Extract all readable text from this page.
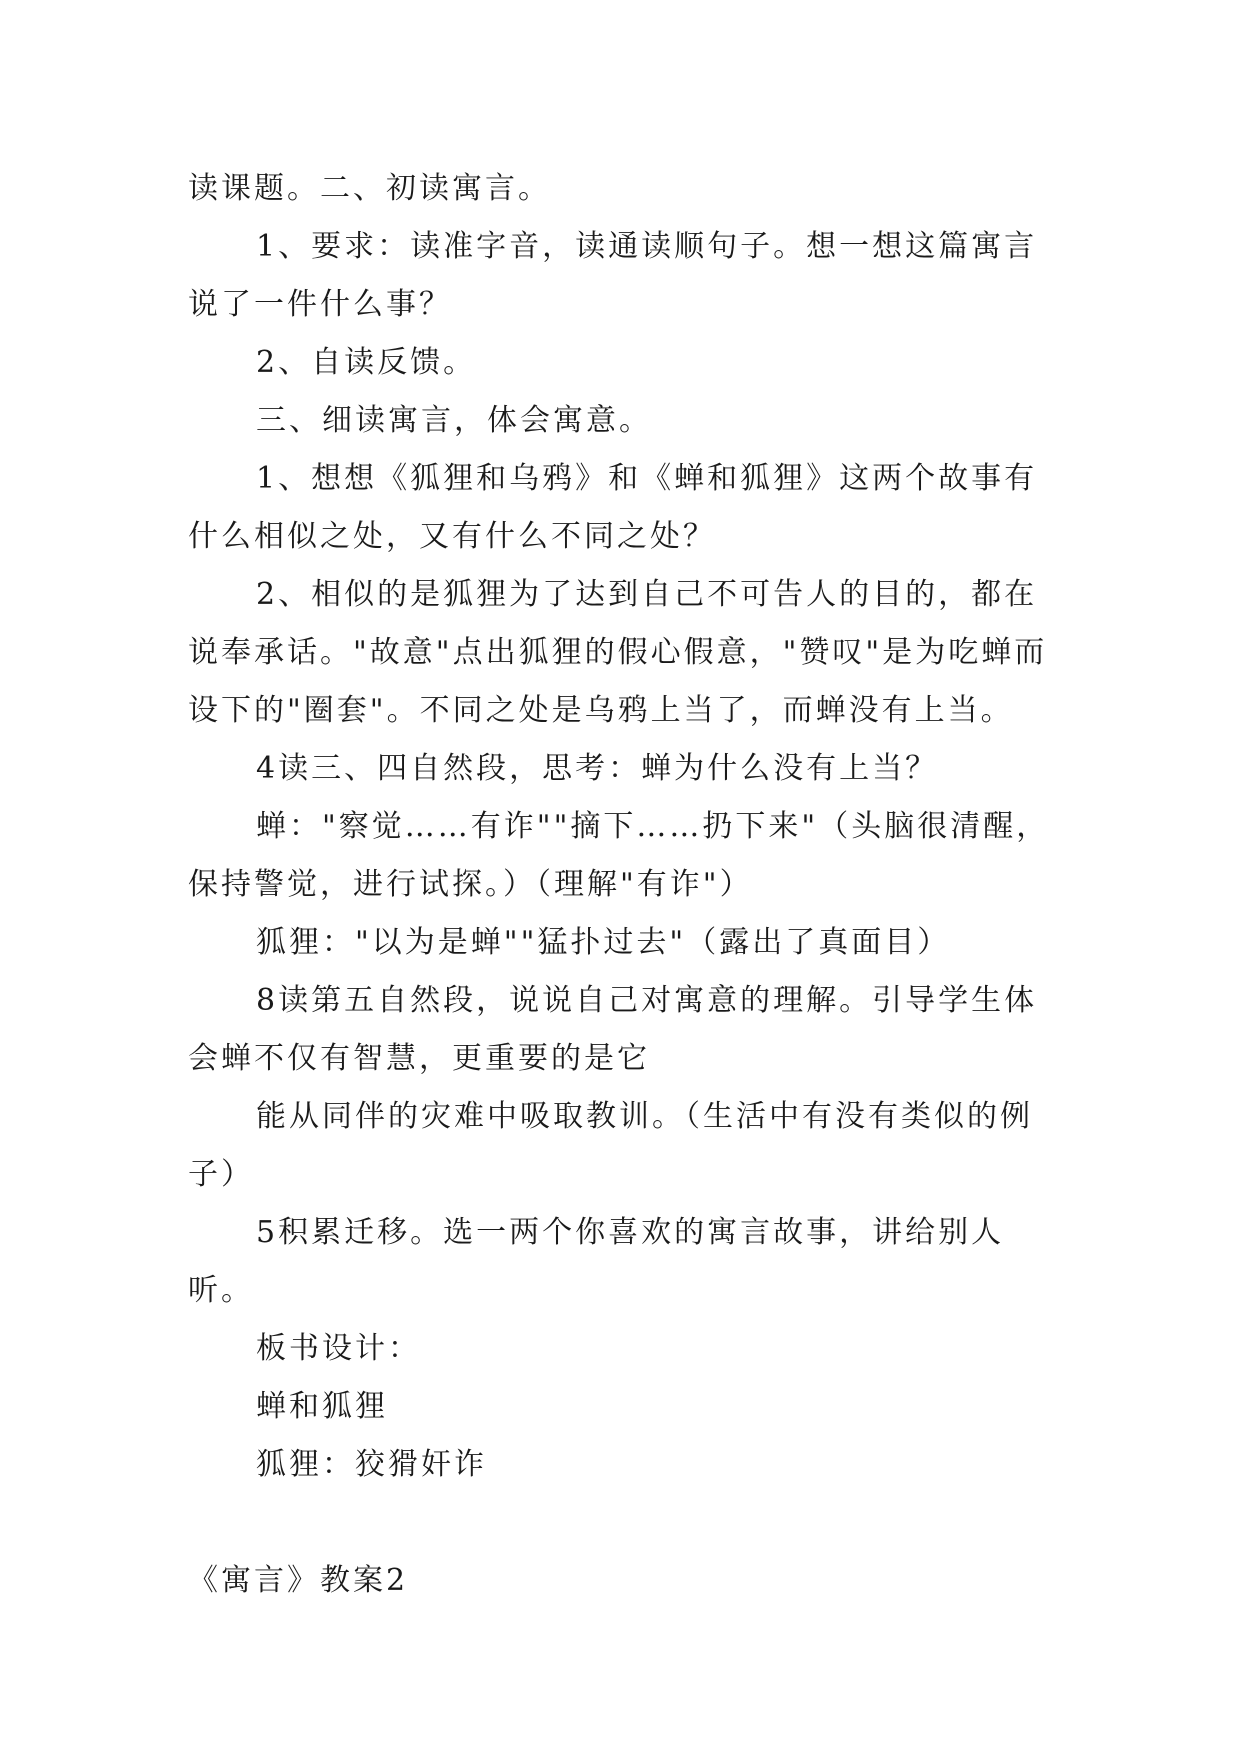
读课题。二、初读寓言。

1、要求：读准字音，读通读顺句子。想一想这篇寓言说了一件什么事？

2、自读反馈。

三、细读寓言，体会寓意。

1、想想《狐狸和乌鸦》和《蝉和狐狸》这两个故事有什么相似之处，又有什么不同之处？

2、相似的是狐狸为了达到自己不可告人的目的，都在说奉承话。"故意"点出狐狸的假心假意，"赞叹"是为吃蝉而设下的"圈套"。不同之处是乌鸦上当了，而蝉没有上当。

4读三、四自然段，思考：蝉为什么没有上当？

蝉："察觉……有诈""摘下……扔下来"（头脑很清醒，保持警觉，进行试探。）（理解"有诈"）

狐狸："以为是蝉""猛扑过去"（露出了真面目）

8读第五自然段，说说自己对寓意的理解。引导学生体会蝉不仅有智慧，更重要的是它

能从同伴的灾难中吸取教训。（生活中有没有类似的例子）

5积累迁移。选一两个你喜欢的寓言故事，讲给别人听。

板书设计：

蝉和狐狸

狐狸：狡猾奸诈

《寓言》教案2
